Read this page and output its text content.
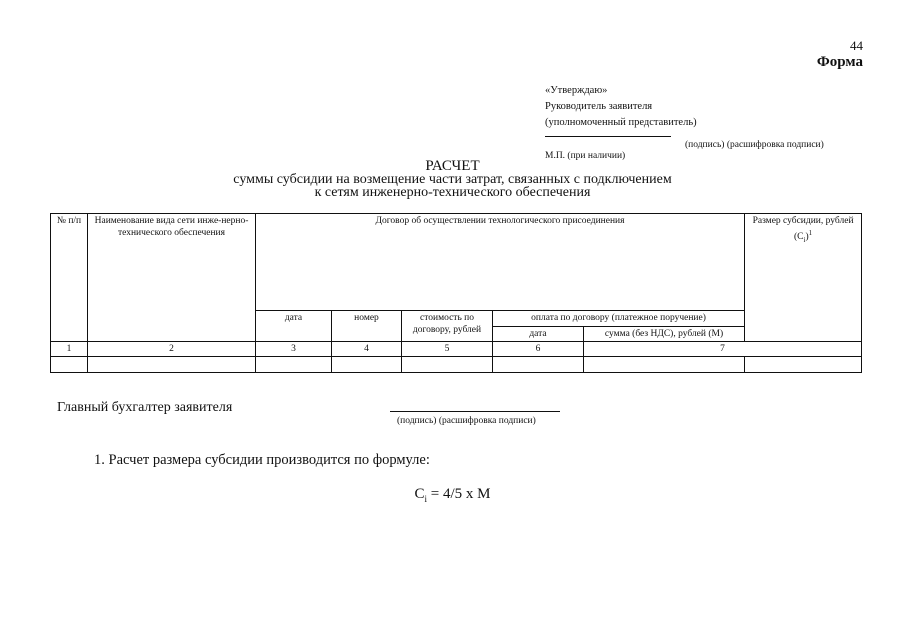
44
Форма
«Утверждаю»
Руководитель заявителя
(уполномоченный представитель)
(подпись) (расшифровка подписи)
М.П. (при наличии)
РАСЧЕТ
суммы субсидии на возмещение части затрат, связанных с подключением
к сетям инженерно-технического обеспечения
№ п/п	Наименование вида сети инже-нерно-технического обеспечения	Договор об осуществлении технологического присоединения					Размер субсидии, рублей $(C_i)^1$
		дата	номер	стоимость по договору, рублей	оплата по договору (платежное поручение)		
					дата	сумма (без НДС), рублей (M)	
1	2	3	4	5	6	7	

Главный бухгалтер заявителя
(подпись) (расшифровка подписи)
1. Расчет размера субсидии производится по формуле:
$C_i = 4/5$ x M
